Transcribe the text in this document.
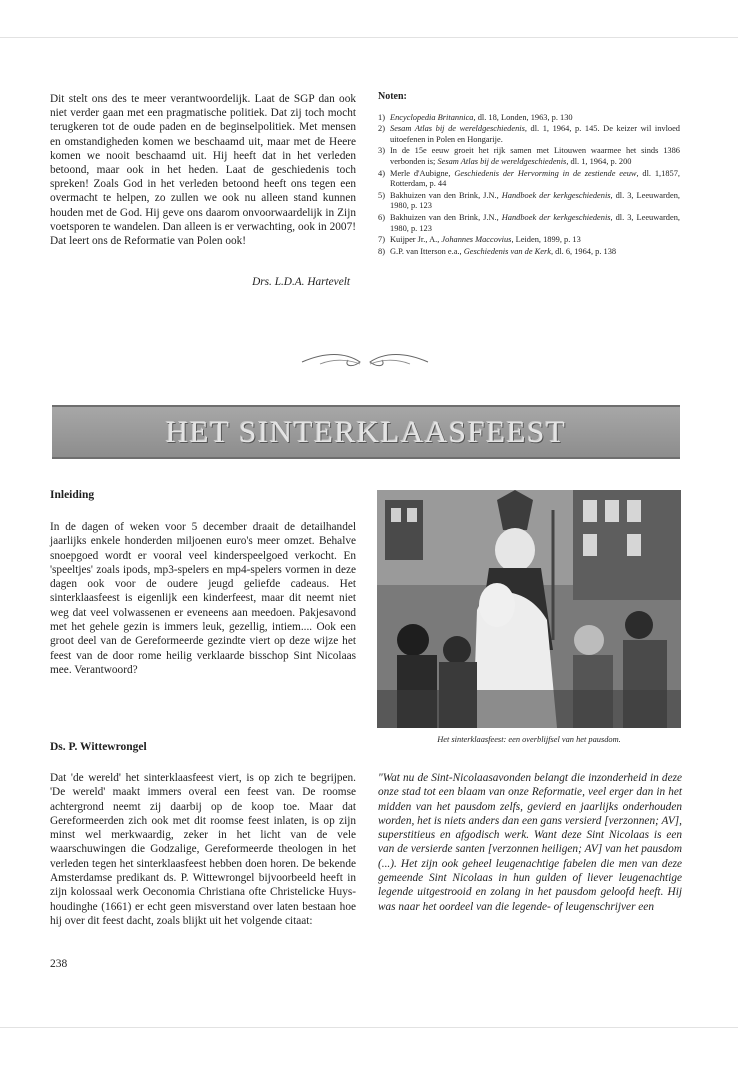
Dit stelt ons des te meer verantwoordelijk. Laat de SGP dan ook niet verder gaan met een pragmatische politiek. Dat zij toch mocht terugkeren tot de oude paden en de beginselpolitiek. Met mensen en omstandigheden komen we beschaamd uit, maar met de Heere komen we nooit beschaamd uit. Hij heeft dat in het verleden betoond, maar ook in het heden. Laat de geschiedenis toch spreken! Zoals God in het verleden betoond heeft ons tegen een overmacht te helpen, zo zullen we ook nu alleen stand kunnen houden met de God. Hij geve ons daarom onvoorwaardelijk in Zijn voetsporen te wandelen. Dan alleen is er verwachting, ook in 2007! Dat leert ons de Reformatie van Polen ook!
Drs. L.D.A. Hartevelt
Noten:
1) Encyclopedia Britannica, dl. 18, Londen, 1963, p. 130
2) Sesam Atlas bij de wereldgeschiedenis, dl. 1, 1964, p. 145. De keizer wil invloed uitoefenen in Polen en Hongarije.
3) In de 15e eeuw groeit het rijk samen met Litouwen waarmee het sinds 1386 verbonden is; Sesam Atlas bij de wereldgeschiedenis, dl. 1, 1964, p. 200
4) Merle d'Aubigne, Geschiedenis der Hervorming in de zestiende eeuw, dl. 1,1857, Rotterdam, p. 44
5) Bakhuizen van den Brink, J.N., Handboek der kerkgeschiedenis, dl. 3, Leeuwarden, 1980, p. 123
6) Bakhuizen van den Brink, J.N., Handboek der kerkgeschiedenis, dl. 3, Leeuwarden, 1980, p. 123
7) Kuijper Jr., A., Johannes Maccovius, Leiden, 1899, p. 13
8) G.P. van Itterson e.a., Geschiedenis van de Kerk, dl. 6, 1964, p. 138
HET SINTERKLAASFEEST
Inleiding
In de dagen of weken voor 5 december draait de detailhandel jaarlijks enkele honderden miljoenen euro's meer omzet. Behalve snoepgoed wordt er vooral veel kinderspeelgoed verkocht. En 'speeltjes' zoals ipods, mp3-spelers en mp4-spelers vormen in deze dagen ook voor de oudere jeugd geliefde cadeaus. Het sinterklaasfeest is eigenlijk een kinderfeest, maar dit neemt niet weg dat veel volwassenen er eveneens aan meedoen. Pakjesavond met het gehele gezin is immers leuk, gezellig, intiem.... Ook een groot deel van de Gereformeerde gezindte viert op deze wijze het feest van de door rome heilig verklaarde bisschop Sint Nicolaas mee. Verantwoord?
Ds. P. Wittewrongel
Dat 'de wereld' het sinterklaasfeest viert, is op zich te begrijpen. 'De wereld' maakt immers overal een feest van. De roomse achtergrond neemt zij daarbij op de koop toe. Maar dat Gereformeerden zich ook met dit roomse feest inlaten, is op zijn minst wel merkwaardig, zeker in het licht van de vele waarschuwingen die Godzalige, Gereformeerde theologen in het verleden tegen het sinterklaasfeest hebben doen horen. De bekende Amsterdamse predikant ds. P. Wittewrongel bijvoorbeeld heeft in zijn kolossaal werk Oeconomia Christiana ofte Christelicke Huys-houdinghe (1661) er echt geen misverstand over laten bestaan hoe hij over dit feest dacht, zoals blijkt uit het volgende citaat:
Het sinterklaasfeest: een overblijfsel van het pausdom.
"Wat nu de Sint-Nicolaasavonden belangt die inzonderheid in deze onze stad tot een blaam van onze Reformatie, veel erger dan in het midden van het pausdom zelfs, gevierd en jaarlijks onderhouden worden, het is niets anders dan een gans versierd [verzonnen; AV], superstitieus en afgodisch werk. Want deze Sint Nicolaas is een van de versierde santen [verzonnen heiligen; AV] van het pausdom (...). Het zijn ook geheel leugenachtige fabelen die men van deze gemeende Sint Nicolaas in hun gulden of liever leugenachtige legende uitgestrooid en zolang in het pausdom geloofd heeft. Hij was naar het oordeel van die legende- of leugenschrijver een
238
